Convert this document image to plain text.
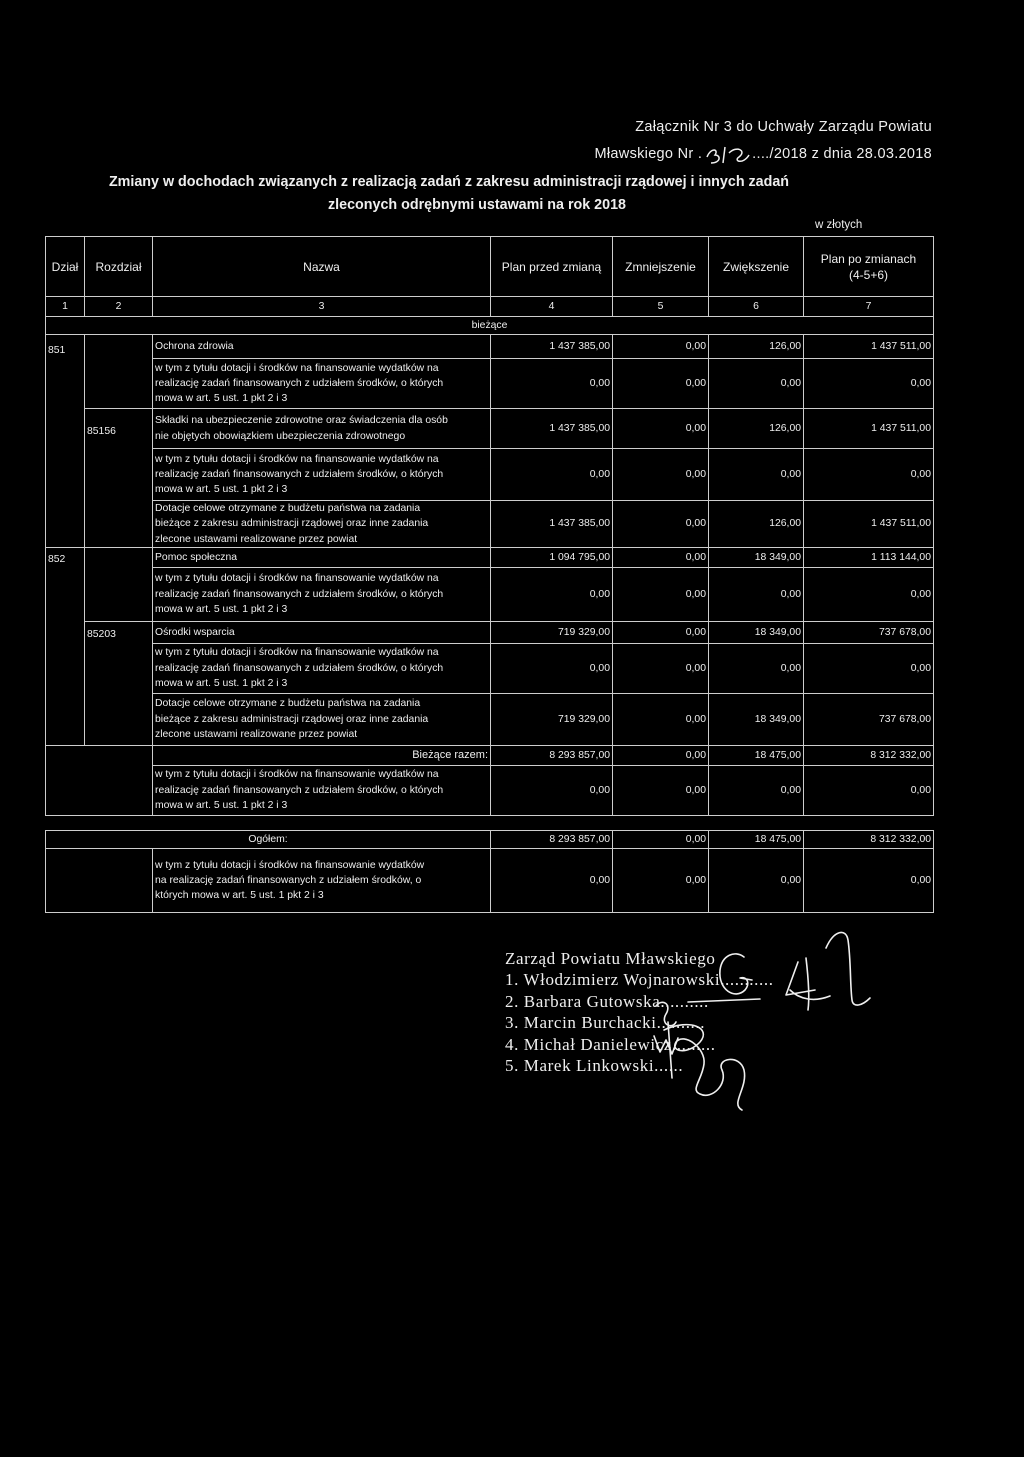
Załącznik Nr 3 do Uchwały Zarządu Powiatu
Mławskiego Nr .	..../2018 z dnia 28.03.2018
Zmiany w dochodach związanych z realizacją zadań z zakresu administracji rządowej i innych zadań
zleconych odrębnymi ustawami na rok 2018
w złotych
Dział	Rozdział	Nazwa	Plan przed zmianą	Zmniejszenie	Zwiększenie	Plan po zmianach
(4-5+6)
1	2	3	4	5	6	7
bieżące						
851		Ochrona zdrowia	1 437 385,00	0,00	126,00	1 437 511,00
		w tym z tytułu dotacji i środków na finansowanie wydatków na
realizację zadań finansowanych z udziałem środków, o których
mowa w art. 5 ust. 1 pkt 2 i 3	0,00	0,00	0,00	0,00
	85156	Składki na ubezpieczenie zdrowotne oraz świadczenia dla osób
nie objętych obowiązkiem ubezpieczenia zdrowotnego	1 437 385,00	0,00	126,00	1 437 511,00
		w tym z tytułu dotacji i środków na finansowanie wydatków na
realizację zadań finansowanych z udziałem środków, o których
mowa w art. 5 ust. 1 pkt 2 i 3	0,00	0,00	0,00	0,00
		Dotacje celowe otrzymane z budżetu państwa na zadania
bieżące z zakresu administracji rządowej oraz inne zadania
zlecone ustawami realizowane przez powiat	1 437 385,00	0,00	126,00	1 437 511,00
852		Pomoc społeczna	1 094 795,00	0,00	18 349,00	1 113 144,00
		w tym z tytułu dotacji i środków na finansowanie wydatków na
realizację zadań finansowanych z udziałem środków, o których
mowa w art. 5 ust. 1 pkt 2 i 3	0,00	0,00	0,00	0,00
	85203	Ośrodki wsparcia	719 329,00	0,00	18 349,00	737 678,00
		w tym z tytułu dotacji i środków na finansowanie wydatków na
realizację zadań finansowanych z udziałem środków, o których
mowa w art. 5 ust. 1 pkt 2 i 3	0,00	0,00	0,00	0,00
		Dotacje celowe otrzymane z budżetu państwa na zadania
bieżące z zakresu administracji rządowej oraz inne zadania
zlecone ustawami realizowane przez powiat	719 329,00	0,00	18 349,00	737 678,00
		Bieżące razem:	8 293 857,00	0,00	18 475,00	8 312 332,00
		w tym z tytułu dotacji i środków na finansowanie wydatków na
realizację zadań finansowanych z udziałem środków, o których
mowa w art. 5 ust. 1 pkt 2 i 3	0,00	0,00	0,00	0,00
Ogółem:		8 293 857,00	0,00	18 475,00	8 312 332,00
	w tym z tytułu dotacji i środków na finansowanie wydatków
na realizację zadań finansowanych z udziałem środków, o
których mowa w art. 5 ust. 1 pkt 2 i 3	0,00	0,00	0,00	0,00
Zarząd Powiatu Mławskiego
1. Włodzimierz Wojnarowski...........
2. Barbara Gutowska..........
3. Marcin Burchacki..........
4. Michał Danielewicz.........
5. Marek Linkowski......
